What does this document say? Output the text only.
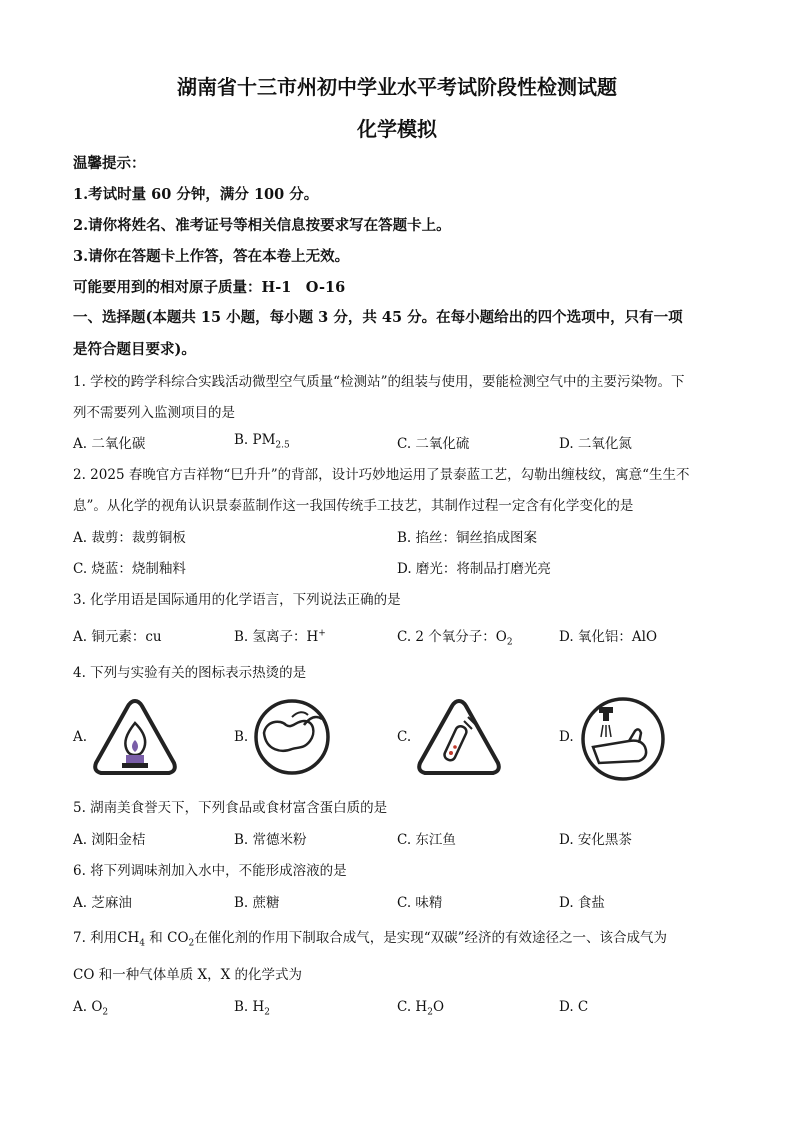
湖南省十三市州初中学业水平考试阶段性检测试题
化学模拟
温馨提示：
1.考试时量 60 分钟，满分 100 分。
2.请你将姓名、准考证号等相关信息按要求写在答题卡上。
3.请你在答题卡上作答，答在本卷上无效。
可能要用到的相对原子质量：H-1　O-16
一、选择题(本题共 15 小题，每小题 3 分，共 45 分。在每小题给出的四个选项中，只有一项
是符合题目要求)。
1. 学校的跨学科综合实践活动微型空气质量“检测站”的组装与使用，要能检测空气中的主要污染物。下
列不需要列入监测项目的是
A. 二氧化碳	B. $PM_{2.5}$	C. 二氧化硫	D. 二氧化氮
2. 2025 春晚官方吉祥物“巳升升”的背部，设计巧妙地运用了景泰蓝工艺，勾勒出缠枝纹，寓意“生生不
息”。从化学的视角认识景泰蓝制作这一我国传统手工技艺，其制作过程一定含有化学变化的是
A. 裁剪：裁剪铜板	B. 掐丝：铜丝掐成图案
C. 烧蓝：烧制釉料	D. 磨光：将制品打磨光亮
3. 化学用语是国际通用的化学语言，下列说法正确的是
A. 铜元素：cu	B. 氢离子：H+	C. 2 个氧分子：$O_2$	D. 氧化铝：AlO
4. 下列与实验有关的图标表示热烫的是
A.	B.	C.	D.
5. 湖南美食誉天下，下列食品或食材富含蛋白质的是
A. 浏阳金桔	B. 常德米粉	C. 东江鱼	D. 安化黑茶
6. 将下列调味剂加入水中，不能形成溶液的是
A. 芝麻油	B. 蔗糖	C. 味精	D. 食盐
7. 利用$CH_4$ 和 $CO_2$在催化剂的作用下制取合成气，是实现“双碳”经济的有效途径之一、该合成气为
CO 和一种气体单质 X，X 的化学式为
A. $O_2$	B. $H_2$	C. $H_2O$	D. C
